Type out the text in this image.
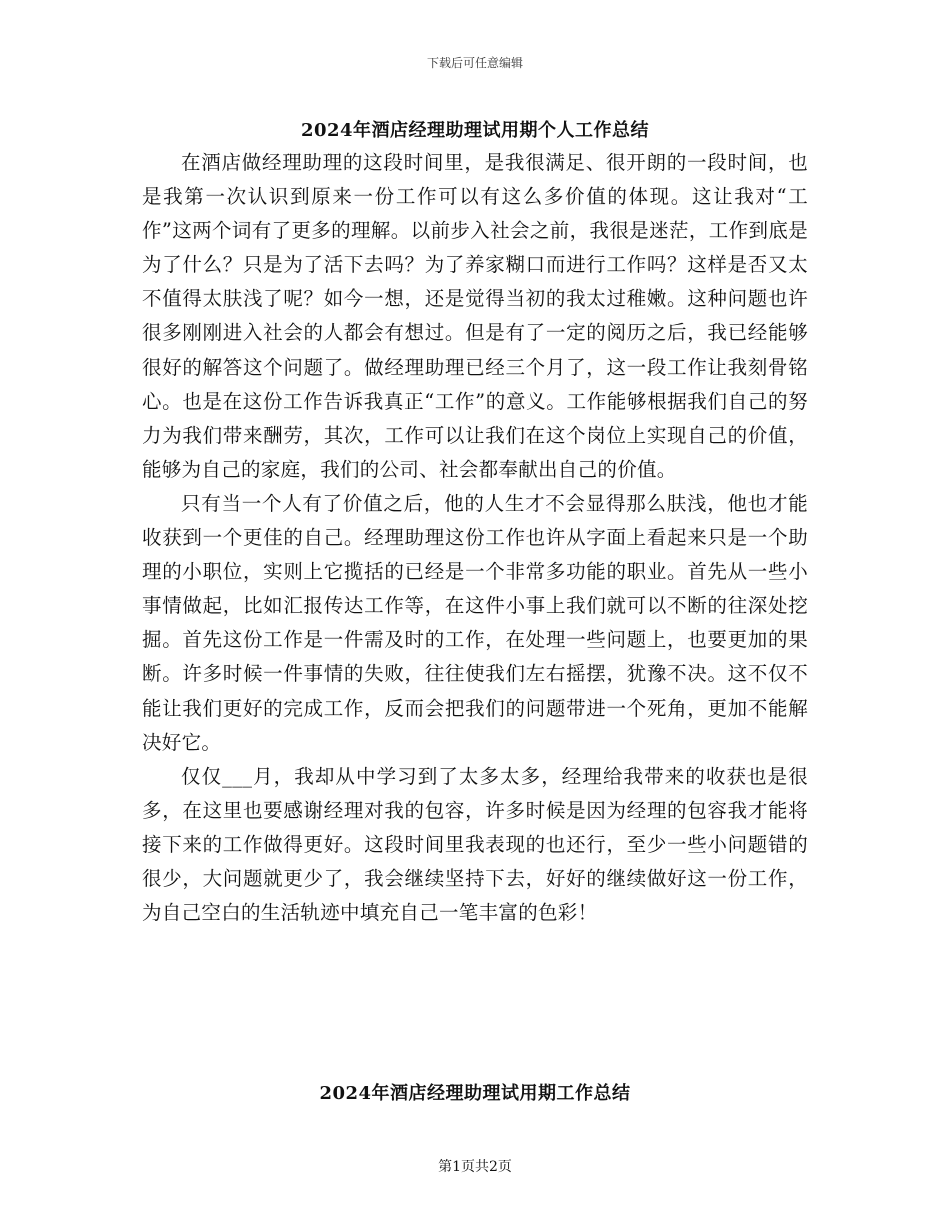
下载后可任意编辑
2024年酒店经理助理试用期个人工作总结

在酒店做经理助理的这段时间里，是我很满足、很开朗的一段时间，也是我第一次认识到原来一份工作可以有这么多价值的体现。这让我对“工作”这两个词有了更多的理解。以前步入社会之前，我很是迷茫，工作到底是为了什么？只是为了活下去吗？为了养家糊口而进行工作吗？这样是否又太不值得太肤浅了呢？如今一想，还是觉得当初的我太过稚嫩。这种问题也许很多刚刚进入社会的人都会有想过。但是有了一定的阅历之后，我已经能够很好的解答这个问题了。做经理助理已经三个月了，这一段工作让我刻骨铭心。也是在这份工作告诉我真正“工作”的意义。工作能够根据我们自己的努力为我们带来酬劳，其次，工作可以让我们在这个岗位上实现自己的价值，能够为自己的家庭，我们的公司、社会都奉献出自己的价值。

只有当一个人有了价值之后，他的人生才不会显得那么肤浅，他也才能收获到一个更佳的自己。经理助理这份工作也许从字面上看起来只是一个助理的小职位，实则上它揽括的已经是一个非常多功能的职业。首先从一些小事情做起，比如汇报传达工作等，在这件小事上我们就可以不断的往深处挖掘。首先这份工作是一件需及时的工作，在处理一些问题上，也要更加的果断。许多时候一件事情的失败，往往使我们左右摇摆，犹豫不决。这不仅不能让我们更好的完成工作，反而会把我们的问题带进一个死角，更加不能解决好它。

仅仅___月，我却从中学习到了太多太多，经理给我带来的收获也是很多，在这里也要感谢经理对我的包容，许多时候是因为经理的包容我才能将接下来的工作做得更好。这段时间里我表现的也还行，至少一些小问题错的很少，大问题就更少了，我会继续坚持下去，好好的继续做好这一份工作，为自己空白的生活轨迹中填充自己一笔丰富的色彩！

2024年酒店经理助理试用期工作总结
第1页共2页
